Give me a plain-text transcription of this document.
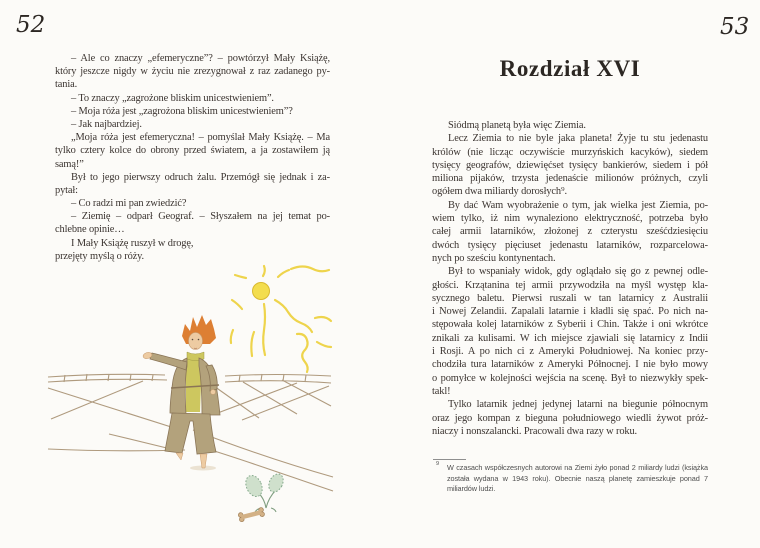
52
– Ale co znaczy „efemeryczne”? – powtórzył Mały Książę,
który jeszcze nigdy w życiu nie zrezygnował z raz zadanego py-
tania.
– To znaczy „zagrożone bliskim unicestwieniem”.
– Moja róża jest „zagrożona bliskim unicestwieniem”?
– Jak najbardziej.
„Moja róża jest efemeryczna! – pomyślał Mały Książę. – Ma
tylko cztery kolce do obrony przed światem, a ja zostawiłem ją
samą!”
Był to jego pierwszy odruch żalu. Przemógł się jednak i za-
pytał:
– Co radzi mi pan zwiedzić?
– Ziemię – odparł Geograf. – Słyszałem na jej temat po-
chlebne opinie…
I Mały Książę ruszył w drogę,
przejęty myślą o róży.
53
Rozdział XVI
Siódmą planetą była więc Ziemia.
Lecz Ziemia to nie byle jaka planeta! Żyje tu stu jedenastu
królów (nie licząc oczywiście murzyńskich kacyków), siedem
tysięcy geografów, dziewięćset tysięcy bankierów, siedem i pół
miliona pijaków, trzysta jedenaście milionów próżnych, czyli
ogółem dwa miliardy dorosłych⁹.
By dać Wam wyobrażenie o tym, jak wielka jest Ziemia, po-
wiem tylko, iż nim wynaleziono elektryczność, potrzeba było
całej armii latarników, złożonej z czterystu sześćdziesięciu
dwóch tysięcy pięciuset jedenastu latarników, rozparcelowa-
nych po sześciu kontynentach.
Był to wspaniały widok, gdy oglądało się go z pewnej odle-
głości. Krzątanina tej armii przywodziła na myśl występ kla-
sycznego baletu. Pierwsi ruszali w tan latarnicy z Australii
i Nowej Zelandii. Zapalali latarnie i kładli się spać. Po nich na-
stępowała kolej latarników z Syberii i Chin. Także i oni wkrótce
znikali za kulisami. W ich miejsce zjawiali się latarnicy z Indii
i Rosji. A po nich ci z Ameryki Południowej. Na koniec przy-
chodziła tura latarników z Ameryki Północnej. I nie było mowy
o pomyłce w kolejności wejścia na scenę. Był to niezwykły spek-
takl!
Tylko latarnik jednej jedynej latarni na biegunie północnym
oraz jego kompan z bieguna południowego wiedli żywot próż-
niaczy i nonszalancki. Pracowali dwa razy w roku.
9 W czasach współczesnych autorowi na Ziemi żyło ponad 2 miliardy ludzi (książka
została wydana w 1943 roku). Obecnie naszą planetę zamieszkuje ponad 7
miliardów ludzi.
